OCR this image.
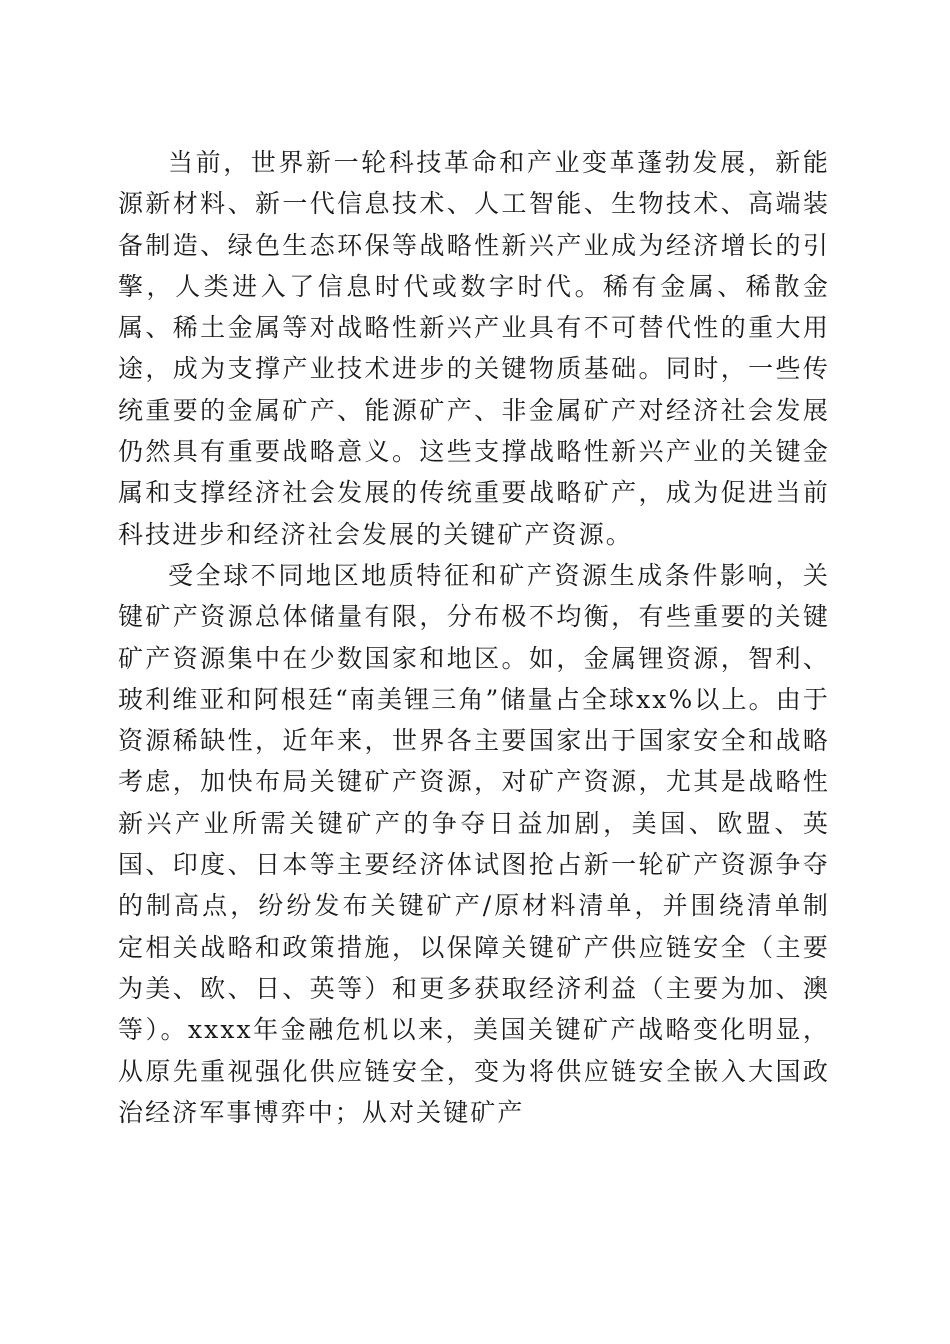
当前，世界新一轮科技革命和产业变革蓬勃发展，新能源新材料、新一代信息技术、人工智能、生物技术、高端装备制造、绿色生态环保等战略性新兴产业成为经济增长的引擎，人类进入了信息时代或数字时代。稀有金属、稀散金属、稀土金属等对战略性新兴产业具有不可替代性的重大用途，成为支撑产业技术进步的关键物质基础。同时，一些传统重要的金属矿产、能源矿产、非金属矿产对经济社会发展仍然具有重要战略意义。这些支撑战略性新兴产业的关键金属和支撑经济社会发展的传统重要战略矿产，成为促进当前科技进步和经济社会发展的关键矿产资源。

受全球不同地区地质特征和矿产资源生成条件影响，关键矿产资源总体储量有限，分布极不均衡，有些重要的关键矿产资源集中在少数国家和地区。如，金属锂资源，智利、玻利维亚和阿根廷“南美锂三角”储量占全球xx%以上。由于资源稀缺性，近年来，世界各主要国家出于国家安全和战略考虑，加快布局关键矿产资源，对矿产资源，尤其是战略性新兴产业所需关键矿产的争夺日益加剧，美国、欧盟、英国、印度、日本等主要经济体试图抢占新一轮矿产资源争夺的制高点，纷纷发布关键矿产/原材料清单，并围绕清单制定相关战略和政策措施，以保障关键矿产供应链安全（主要为美、欧、日、英等）和更多获取经济利益（主要为加、澳等）。xxxx年金融危机以来，美国关键矿产战略变化明显，从原先重视强化供应链安全，变为将供应链安全嵌入大国政治经济军事博弈中；从对关键矿产
